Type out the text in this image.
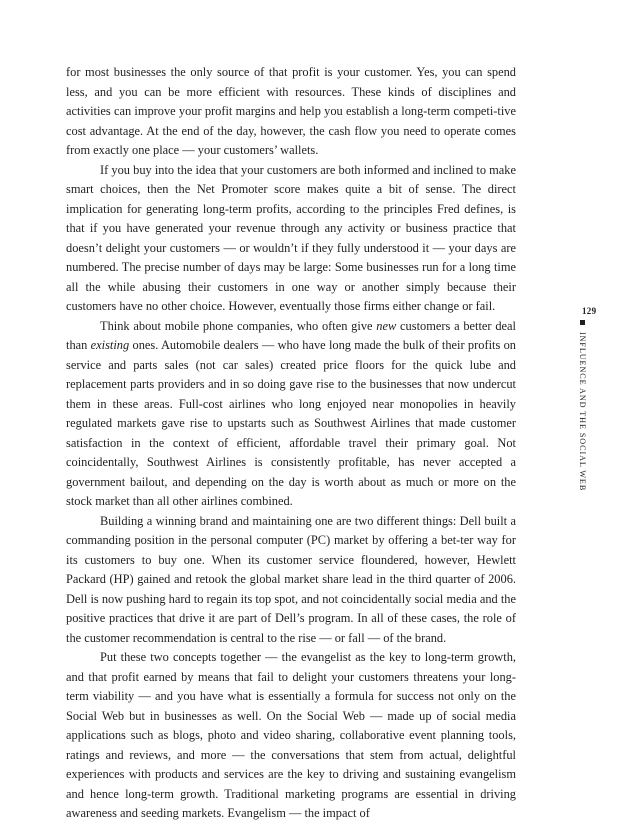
for most businesses the only source of that profit is your customer. Yes, you can spend less, and you can be more efficient with resources. These kinds of disciplines and activities can improve your profit margins and help you establish a long-term competi-tive cost advantage. At the end of the day, however, the cash flow you need to operate comes from exactly one place — your customers’ wallets.

If you buy into the idea that your customers are both informed and inclined to make smart choices, then the Net Promoter score makes quite a bit of sense. The direct implication for generating long-term profits, according to the principles Fred defines, is that if you have generated your revenue through any activity or business practice that doesn’t delight your customers — or wouldn’t if they fully understood it — your days are numbered. The precise number of days may be large: Some businesses run for a long time all the while abusing their customers in one way or another simply because their customers have no other choice. However, eventually those firms either change or fail.

Think about mobile phone companies, who often give new customers a better deal than existing ones. Automobile dealers — who have long made the bulk of their profits on service and parts sales (not car sales) created price floors for the quick lube and replacement parts providers and in so doing gave rise to the businesses that now undercut them in these areas. Full-cost airlines who long enjoyed near monopolies in heavily regulated markets gave rise to upstarts such as Southwest Airlines that made customer satisfaction in the context of efficient, affordable travel their primary goal. Not coincidentally, Southwest Airlines is consistently profitable, has never accepted a government bailout, and depending on the day is worth about as much or more on the stock market than all other airlines combined.

Building a winning brand and maintaining one are two different things: Dell built a commanding position in the personal computer (PC) market by offering a bet-ter way for its customers to buy one. When its customer service floundered, however, Hewlett Packard (HP) gained and retook the global market share lead in the third quarter of 2006. Dell is now pushing hard to regain its top spot, and not coincidentally social media and the positive practices that drive it are part of Dell’s program. In all of these cases, the role of the customer recommendation is central to the rise — or fall — of the brand.

Put these two concepts together — the evangelist as the key to long-term growth, and that profit earned by means that fail to delight your customers threatens your long-term viability — and you have what is essentially a formula for success not only on the Social Web but in businesses as well. On the Social Web — made up of social media applications such as blogs, photo and video sharing, collaborative event planning tools, ratings and reviews, and more — the conversations that stem from actual, delightful experiences with products and services are the key to driving and sustaining evangelism and hence long-term growth. Traditional marketing programs are essential in driving awareness and seeding markets. Evangelism — the impact of

129
INFLUENCE AND THE SOCIAL WEB
